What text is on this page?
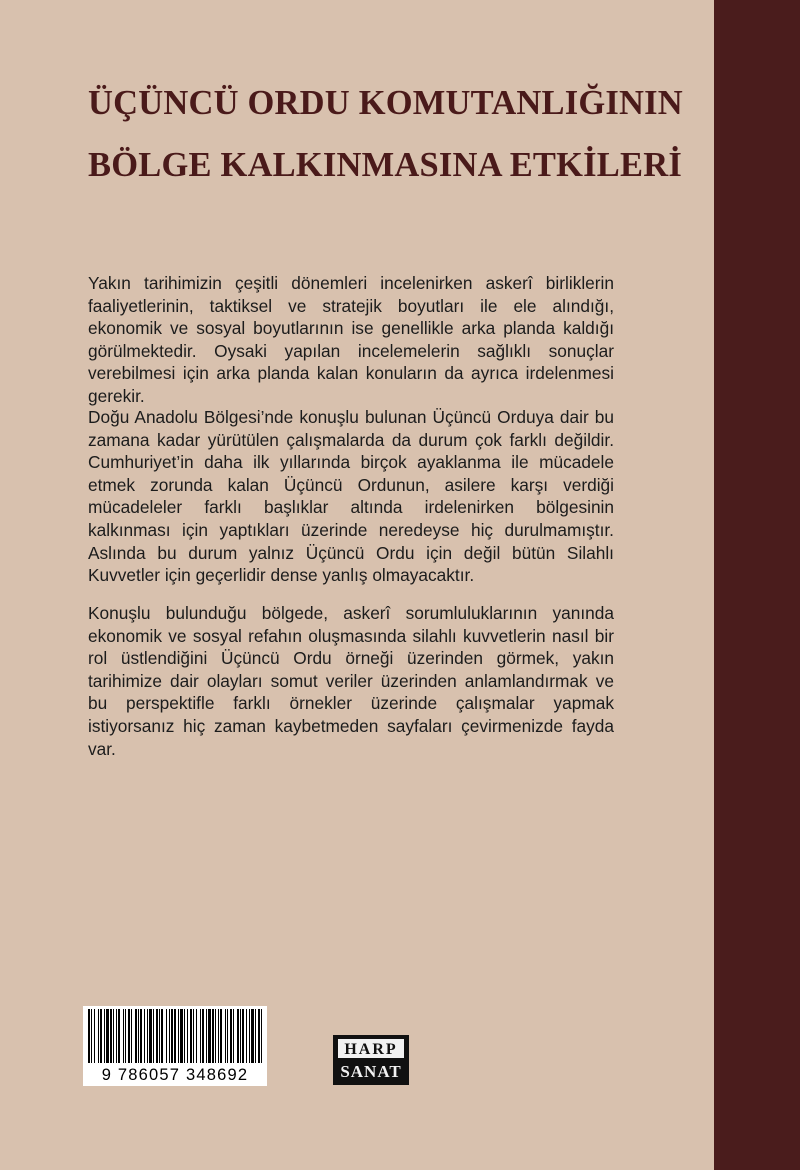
ÜÇÜNCÜ ORDU KOMUTANLIĞININ
BÖLGE KALKINMASINA ETKİLERİ

Yakın tarihimizin çeşitli dönemleri incelenirken askerî birliklerin faaliyetlerinin, taktiksel ve stratejik boyutları ile ele alındığı, ekonomik ve sosyal boyutlarının ise genellikle arka planda kaldığı görülmektedir. Oysaki yapılan incelemelerin sağlıklı sonuçlar verebilmesi için arka planda kalan konuların da ayrıca irdelenmesi gerekir.

Doğu Anadolu Bölgesi’nde konuşlu bulunan Üçüncü Orduya dair bu zamana kadar yürütülen çalışmalarda da durum çok farklı değildir. Cumhuriyet’in daha ilk yıllarında birçok ayaklanma ile mücadele etmek zorunda kalan Üçüncü Ordunun, asilere karşı verdiği mücadeleler farklı başlıklar altında irdelenirken bölgesinin kalkınması için yaptıkları üzerinde neredeyse hiç durulmamıştır. Aslında bu durum yalnız Üçüncü Ordu için değil bütün Silahlı Kuvvetler için geçerlidir dense yanlış olmayacaktır.

Konuşlu bulunduğu bölgede, askerî sorumluluklarının yanında ekonomik ve sosyal refahın oluşmasında silahlı kuvvetlerin nasıl bir rol üstlendiğini Üçüncü Ordu örneği üzerinden görmek, yakın tarihimize dair olayları somut veriler üzerinden anlamlandırmak ve bu perspektifle farklı örnekler üzerinde çalışmalar yapmak istiyorsanız hiç zaman kaybetmeden sayfaları çevirmenizde fayda var.

9 786057 348692
HARP
SANAT
